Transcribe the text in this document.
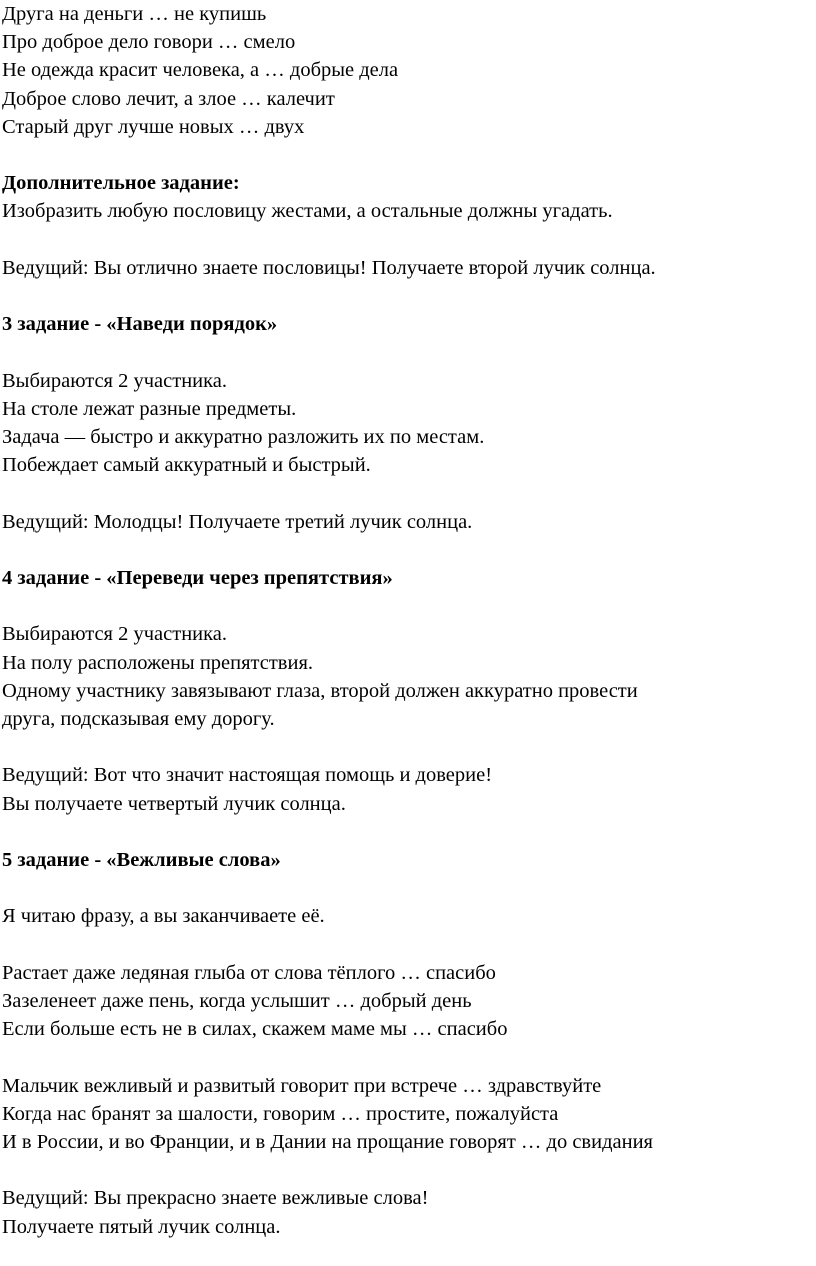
Друга на деньги … не купишь
Про доброе дело говори … смело
Не одежда красит человека, а … добрые дела
Доброе слово лечит, а злое … калечит
Старый друг лучше новых … двух
Дополнительное задание:
Изобразить любую пословицу жестами, а остальные должны угадать.
Ведущий: Вы отлично знаете пословицы! Получаете второй лучик солнца.
3 задание - «Наведи порядок»
Выбираются 2 участника.
На столе лежат разные предметы.
Задача — быстро и аккуратно разложить их по местам.
Побеждает самый аккуратный и быстрый.
Ведущий: Молодцы! Получаете третий лучик солнца.
4 задание - «Переведи через препятствия»
Выбираются 2 участника.
На полу расположены препятствия.
Одному участнику завязывают глаза, второй должен аккуратно провести
друга, подсказывая ему дорогу.
Ведущий: Вот что значит настоящая помощь и доверие!
Вы получаете четвертый лучик солнца.
5 задание - «Вежливые слова»
Я читаю фразу, а вы заканчиваете её.
Растает даже ледяная глыба от слова тёплого … спасибо
Зазеленеет даже пень, когда услышит … добрый день
Если больше есть не в силах, скажем маме мы … спасибо
Мальчик вежливый и развитый говорит при встрече … здравствуйте
Когда нас бранят за шалости, говорим … простите, пожалуйста
И в России, и во Франции, и в Дании на прощание говорят … до свидания
Ведущий: Вы прекрасно знаете вежливые слова!
Получаете пятый лучик солнца.
